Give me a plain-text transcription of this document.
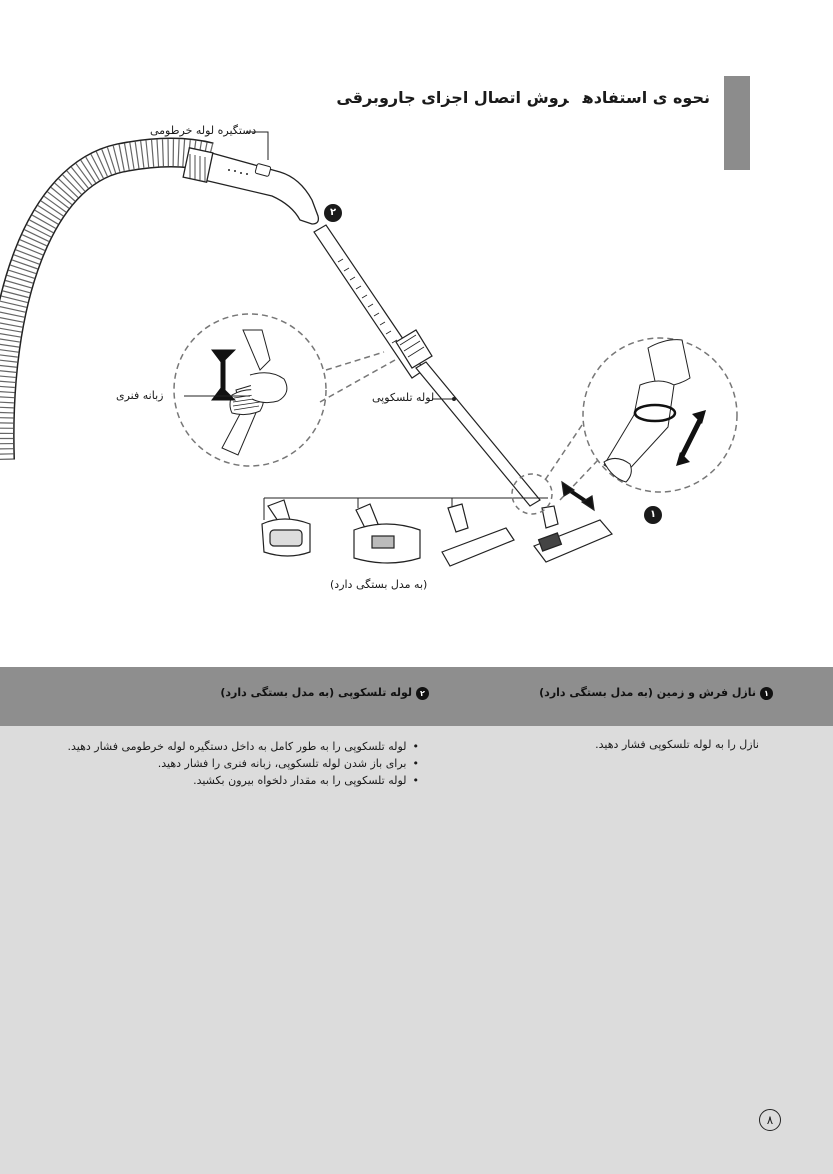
نحوه ی استفادهروش اتصال اجزای جاروبرقی
دستگیره لوله خرطومی
زبانه فنری	لوله تلسکوپی
(به مدل بستگی دارد)
۲
۱
۱نازل فرش و زمین (به مدل بستگی دارد)
۲لوله تلسکوپی (به مدل بستگی دارد)
نازل را به لوله تلسکوپی فشار دهید.
• لوله تلسکوپی را به طور کامل به داخل دستگیره لوله خرطومی فشار دهید.
• برای باز شدن لوله تلسکوپی، زبانه فنری را فشار دهید.
• لوله تلسکوپی را به مقدار دلخواه بیرون بکشید.
۸
